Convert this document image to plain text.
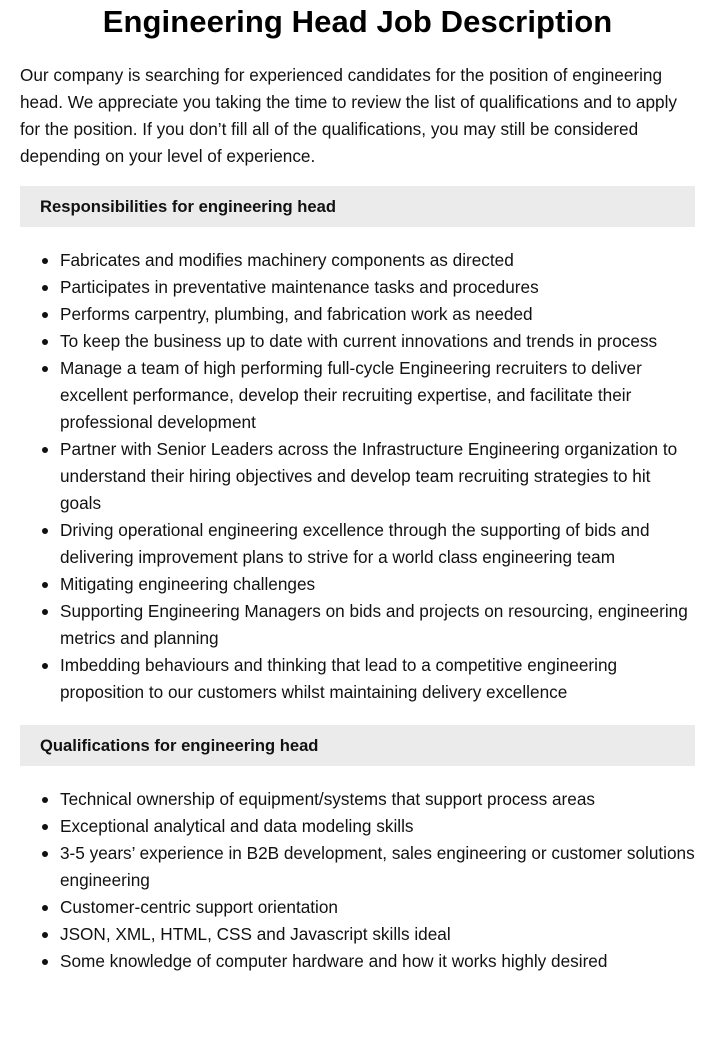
Engineering Head Job Description

Our company is searching for experienced candidates for the position of engineering head. We appreciate you taking the time to review the list of qualifications and to apply for the position. If you don’t fill all of the qualifications, you may still be considered depending on your level of experience.

Responsibilities for engineering head
Fabricates and modifies machinery components as directed
Participates in preventative maintenance tasks and procedures
Performs carpentry, plumbing, and fabrication work as needed
To keep the business up to date with current innovations and trends in process
Manage a team of high performing full-cycle Engineering recruiters to deliver excellent performance, develop their recruiting expertise, and facilitate their professional development
Partner with Senior Leaders across the Infrastructure Engineering organization to understand their hiring objectives and develop team recruiting strategies to hit goals
Driving operational engineering excellence through the supporting of bids and delivering improvement plans to strive for a world class engineering team
Mitigating engineering challenges
Supporting Engineering Managers on bids and projects on resourcing, engineering metrics and planning
Imbedding behaviours and thinking that lead to a competitive engineering proposition to our customers whilst maintaining delivery excellence
Qualifications for engineering head
Technical ownership of equipment/systems that support process areas
Exceptional analytical and data modeling skills
3-5 years’ experience in B2B development, sales engineering or customer solutions engineering
Customer-centric support orientation
JSON, XML, HTML, CSS and Javascript skills ideal
Some knowledge of computer hardware and how it works highly desired
